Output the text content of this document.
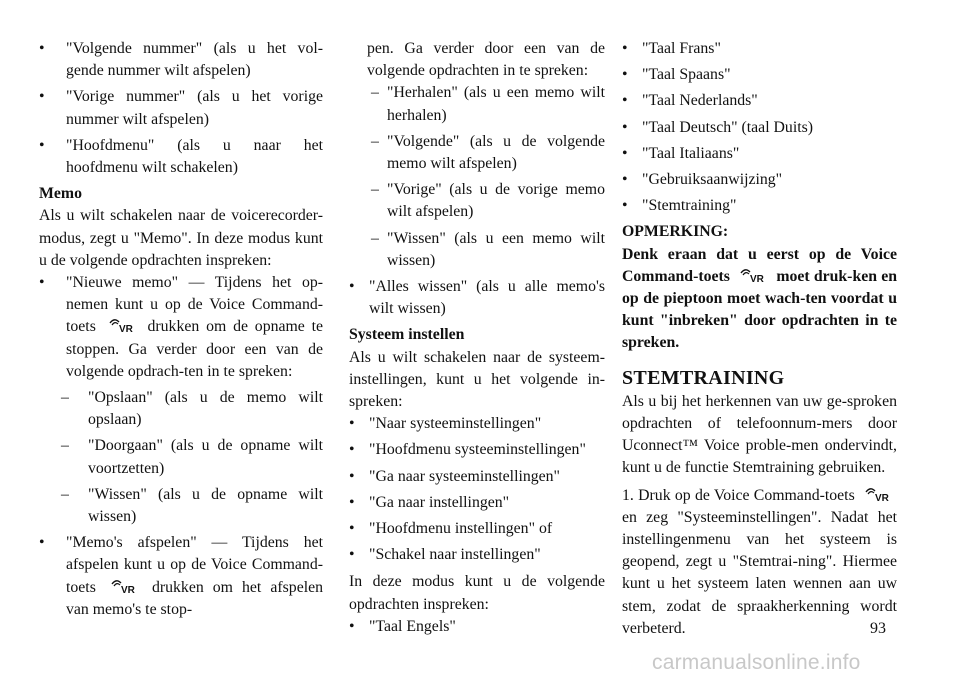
• "Volgende nummer" (als u het vol-gende nummer wilt afspelen)

• "Vorige nummer" (als u het vorige nummer wilt afspelen)

• "Hoofdmenu" (als u naar het hoofdmenu wilt schakelen)

Memo

Als u wilt schakelen naar de voicerecorder-modus, zegt u "Memo". In deze modus kunt u de volgende opdrachten inspreken:

• "Nieuwe memo" — Tijdens het op-nemen kunt u op de Voice Command-toets VR drukken om de opname te stoppen. Ga verder door een van de volgende opdrach-ten in te spreken:

– "Opslaan" (als u de memo wilt opslaan)

– "Doorgaan" (als u de opname wilt voortzetten)

– "Wissen" (als u de opname wilt wissen)

• "Memo's afspelen" — Tijdens het afspelen kunt u op de Voice Command-toets	VR drukken om het afspelen van memo's te stop-

pen. Ga verder door een van de volgende opdrachten in te spreken:

– "Herhalen" (als u een memo wilt herhalen)

– "Volgende" (als u de volgende memo wilt afspelen)

– "Vorige" (als u de vorige memo wilt afspelen)

– "Wissen" (als u een memo wilt wissen)

• "Alles wissen" (als u alle memo's wilt wissen)

Systeem instellen

Als u wilt schakelen naar de systeem-instellingen, kunt u het volgende in-spreken:

• "Naar systeeminstellingen"

• "Hoofdmenu systeeminstellingen"

• "Ga naar systeeminstellingen"

• "Ga naar instellingen"

• "Hoofdmenu instellingen" of

• "Schakel naar instellingen"

In deze modus kunt u de volgende opdrachten inspreken:

• "Taal Engels"

• "Taal Frans"

• "Taal Spaans"

• "Taal Nederlands"

• "Taal Deutsch" (taal Duits)

• "Taal Italiaans"

• "Gebruiksaanwijzing"

• "Stemtraining"

OPMERKING:

Denk eraan dat u eerst op de Voice Command-toets VR moet druk-ken en op de pieptoon moet wach-ten voordat u kunt "inbreken" door opdrachten in te spreken.

STEMTRAINING

Als u bij het herkennen van uw ge-sproken opdrachten of telefoonnum-mers door Uconnect™ Voice proble-men ondervindt, kunt u de functie Stemtraining gebruiken.

1. Druk op de Voice Command-toets VR
en zeg "Systeeminstellingen". Nadat het instellingenmenu van het systeem is geopend, zegt u "Stemtrai-ning". Hiermee kunt u het systeem laten wennen aan uw stem, zodat de spraakherkenning wordt verbeterd.	93
carmanualsonline.info
